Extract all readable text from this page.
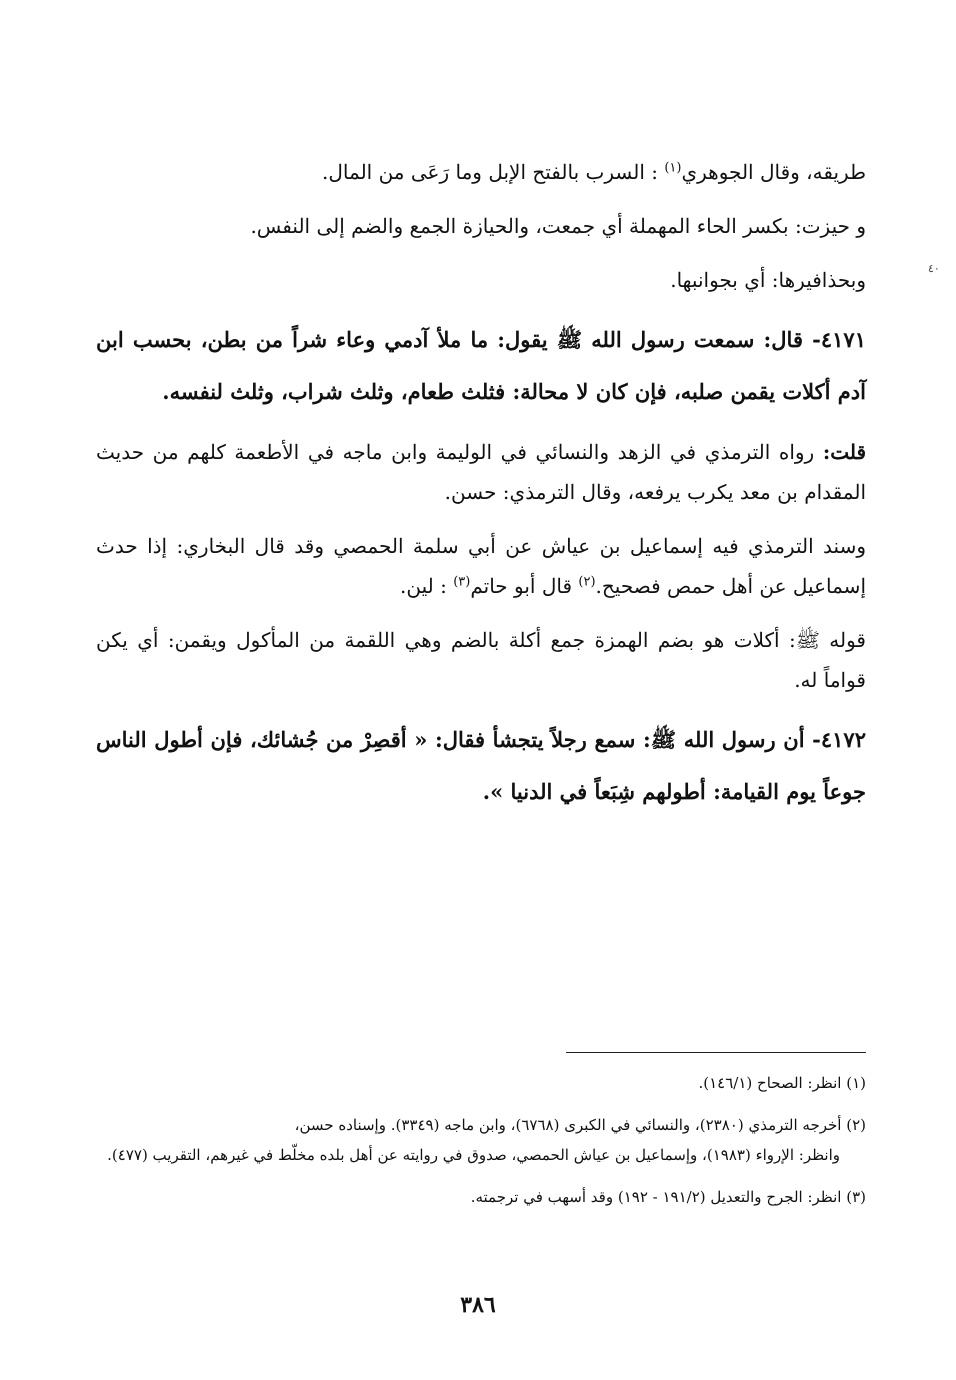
٤٠

طريقه، وقال الجوهري$^{(١)}$ : السرب بالفتح الإبل وما رَعَى من المال.

و حيزت: بكسر الحاء المهملة أي جمعت، والحيازة الجمع والضم إلى النفس.

وبحذافيرها: أي بجوانبها.

٤١٧١- قال: سمعت رسول الله ﷺ يقول: ما ملأ آدمي وعاء شراً من بطن، بحسب ابن آدم أكلات يقمن صلبه، فإن كان لا محالة: فثلث طعام، وثلث شراب، وثلث لنفسه.

قلت: رواه الترمذي في الزهد والنسائي في الوليمة وابن ماجه في الأطعمة كلهم من حديث المقدام بن معد يكرب يرفعه، وقال الترمذي: حسن.

وسند الترمذي فيه إسماعيل بن عياش عن أبي سلمة الحمصي وقد قال البخاري: إذا حدث إسماعيل عن أهل حمص فصحيح.$^{(٢)}$ قال أبو حاتم$^{(٣)}$ : لين.

قوله ﷺ: أكلات هو بضم الهمزة جمع أكلة بالضم وهي اللقمة من المأكول ويقمن: أي يكن قواماً له.

٤١٧٢- أن رسول الله ﷺ: سمع رجلاً يتجشأ فقال: « أقصِرْ من جُشائك، فإن أطول الناس جوعاً يوم القيامة: أطولهم شِبَعاً في الدنيا ».

(١) انظر: الصحاح (١٤٦/١).

(٢) أخرجه الترمذي (٢٣٨٠)، والنسائي في الكبرى (٦٧٦٨)، وابن ماجه (٣٣٤٩). وإسناده حسن،
وانظر: الإرواء (١٩٨٣)، وإسماعيل بن عياش الحمصي، صدوق في روايته عن أهل بلده مخلّط في غيرهم، التقريب (٤٧٧).

(٣) انظر: الجرح والتعديل (١٩١/٢ - ١٩٢) وقد أسهب في ترجمته.

٣٨٦
